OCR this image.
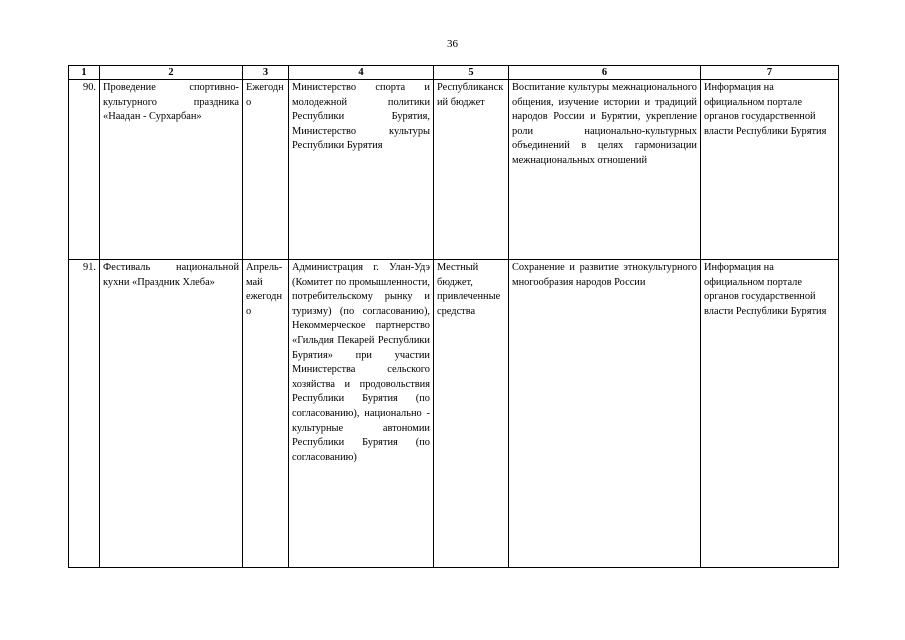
36
1	2	3	4	5	6	7
90.	Проведение спортивно-культурного праздника «Наадан - Сурхарбан»	Ежегодно	Министерство спорта и молодежной политики Республики Бурятия, Министерство культуры Республики Бурятия	Республиканский бюджет	Воспитание культуры межнационального общения, изучение истории и традиций народов России и Бурятии, укрепление роли национально-культурных объединений в целях гармонизации межнациональных отношений	Информация на официальном портале органов государственной власти Республики Бурятия
91.	Фестиваль национальной кухни «Праздник Хлеба»	Апрель-май ежегодно	Администрация г. Улан-Удэ (Комитет по промышленности, потребительскому рынку и туризму) (по согласованию), Некоммерческое партнерство «Гильдия Пекарей Республики Бурятия» при участии Министерства сельского хозяйства и продовольствия Республики Бурятия (по согласованию), национально - культурные автономии Республики Бурятия (по согласованию)	Местный бюджет, привлеченные средства	Сохранение и развитие этнокультурного многообразия народов России	Информация на официальном портале органов государственной власти Республики Бурятия
